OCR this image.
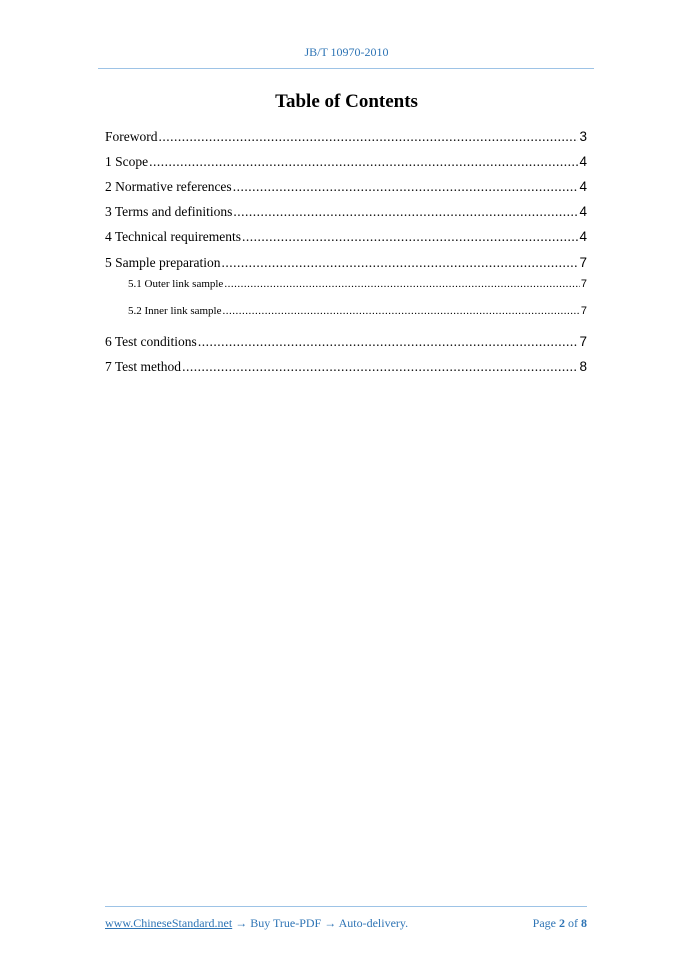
JB/T 10970-2010
Table of Contents
Foreword .....	3
1 Scope .....	4
2 Normative references .....	4
3 Terms and definitions .....	4
4 Technical requirements .....	4
5 Sample preparation .....	7
5.1 Outer link sample .....	7
5.2 Inner link sample .....	7
6 Test conditions .....	7
7 Test method .....	8
www.ChineseStandard.net → Buy True-PDF → Auto-delivery.	Page 2 of 8
